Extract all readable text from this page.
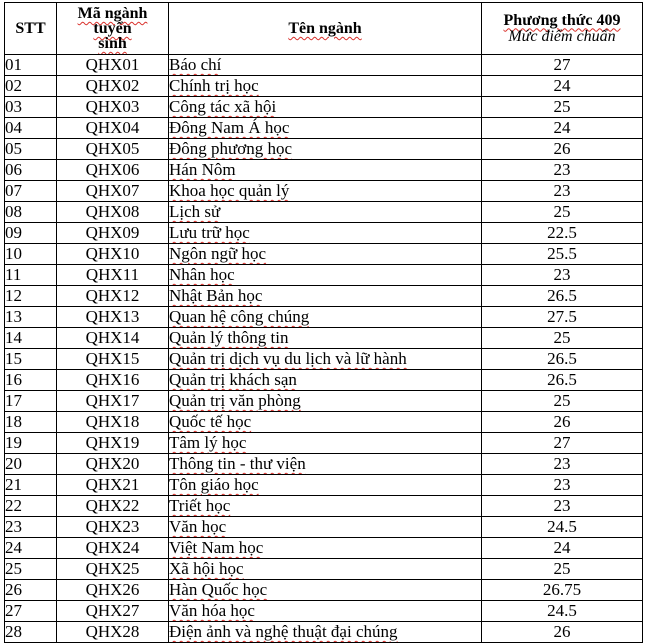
STT	Mã ngành
tuyển
sinh	Tên ngành	Phương thức 409
Mức điểm chuẩn

01	QHX01	Báo chí	27
02	QHX02	Chính trị học	24
03	QHX03	Công tác xã hội	25
04	QHX04	Đông Nam Á học	24
05	QHX05	Đông phương học	26
06	QHX06	Hán Nôm	23
07	QHX07	Khoa học quản lý	23
08	QHX08	Lịch sử	25
09	QHX09	Lưu trữ học	22.5
10	QHX10	Ngôn ngữ học	25.5
11	QHX11	Nhân học	23
12	QHX12	Nhật Bản học	26.5
13	QHX13	Quan hệ công chúng	27.5
14	QHX14	Quản lý thông tin	25
15	QHX15	Quản trị dịch vụ du lịch và lữ hành	26.5
16	QHX16	Quản trị khách sạn	26.5
17	QHX17	Quản trị văn phòng	25
18	QHX18	Quốc tế học	26
19	QHX19	Tâm lý học	27
20	QHX20	Thông tin - thư viện	23
21	QHX21	Tôn giáo học	23
22	QHX22	Triết học	23
23	QHX23	Văn học	24.5
24	QHX24	Việt Nam học	24
25	QHX25	Xã hội học	25
26	QHX26	Hàn Quốc học	26.75
27	QHX27	Văn hóa học	24.5
28	QHX28	Điện ảnh và nghệ thuật đại chúng	26
